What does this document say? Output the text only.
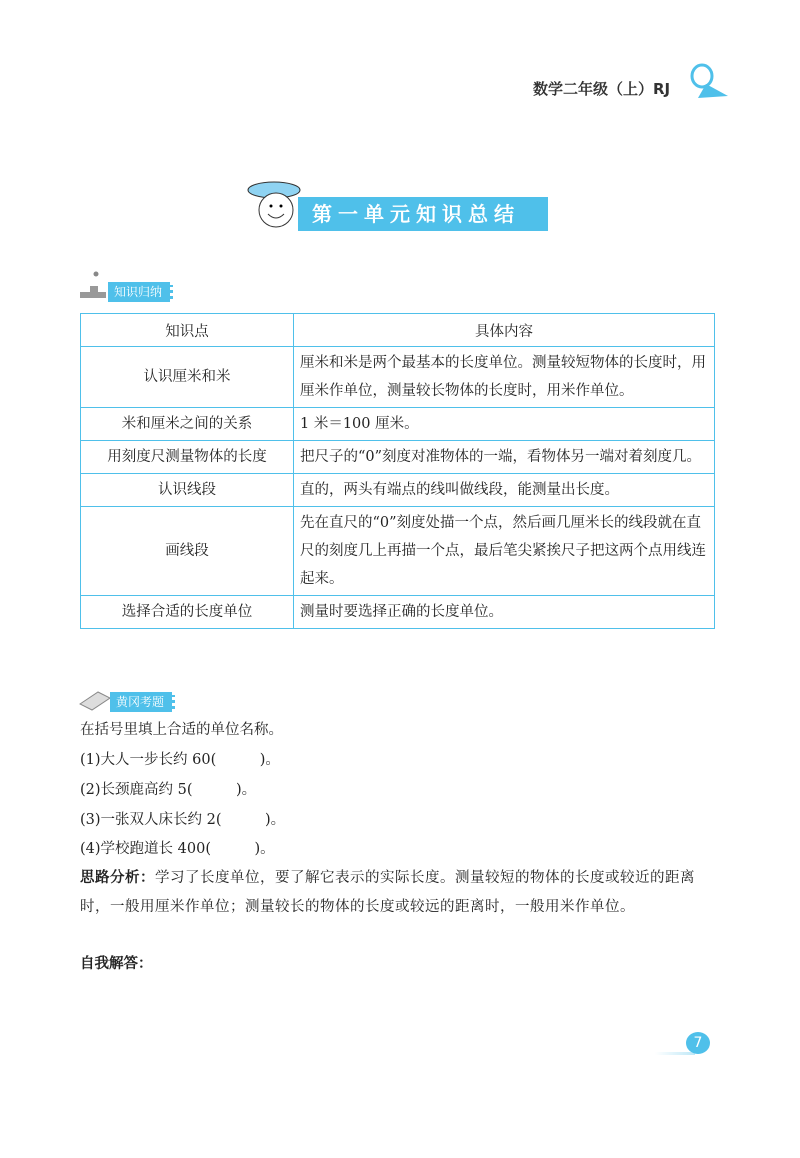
数学二年级（上）RJ
第一单元知识总结
知识归纳
知识点	具体内容
认识厘米和米	厘米和米是两个最基本的长度单位。测量较短物体的长度时，用厘米作单位，测量较长物体的长度时，用米作单位。
米和厘米之间的关系	1 米＝100 厘米。
用刻度尺测量物体的长度	把尺子的“0”刻度对准物体的一端，看物体另一端对着刻度几。
认识线段	直的，两头有端点的线叫做线段，能测量出长度。
画线段	先在直尺的“0”刻度处描一个点，然后画几厘米长的线段就在直尺的刻度几上再描一个点，最后笔尖紧挨尺子把这两个点用线连起来。
选择合适的长度单位	测量时要选择正确的长度单位。
黄冈考题
在括号里填上合适的单位名称。
(1)大人一步长约 60(　　　)。
(2)长颈鹿高约 5(　　　)。
(3)一张双人床长约 2(　　　)。
(4)学校跑道长 400(　　　)。
思路分析：学习了长度单位，要了解它表示的实际长度。测量较短的物体的长度或较近的距离时，一般用厘米作单位；测量较长的物体的长度或较远的距离时，一般用米作单位。
自我解答：
7
